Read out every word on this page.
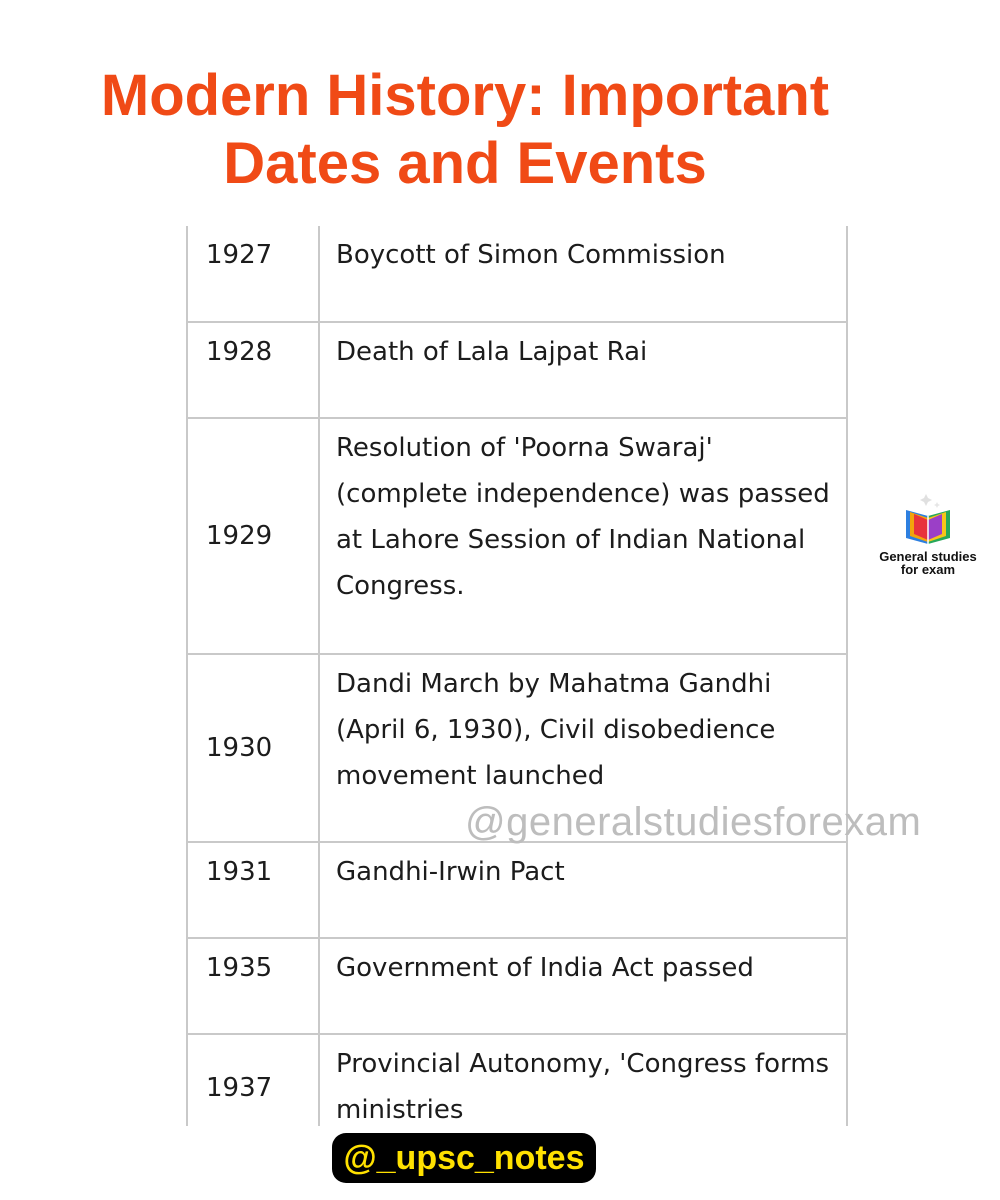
Modern History: Important
Dates and Events
1927	Boycott of Simon Commission
1928	Death of Lala Lajpat Rai
1929	Resolution of 'Poorna Swaraj' (complete independence) was passed at Lahore Session of Indian National Congress.
1930	Dandi March by Mahatma Gandhi (April 6, 1930), Civil disobedience movement launched
1931	Gandhi-Irwin Pact
1935	Government of India Act passed
1937	Provincial Autonomy, 'Congress forms ministries
@generalstudiesforexam
General studies
for exam
@_upsc_notes
